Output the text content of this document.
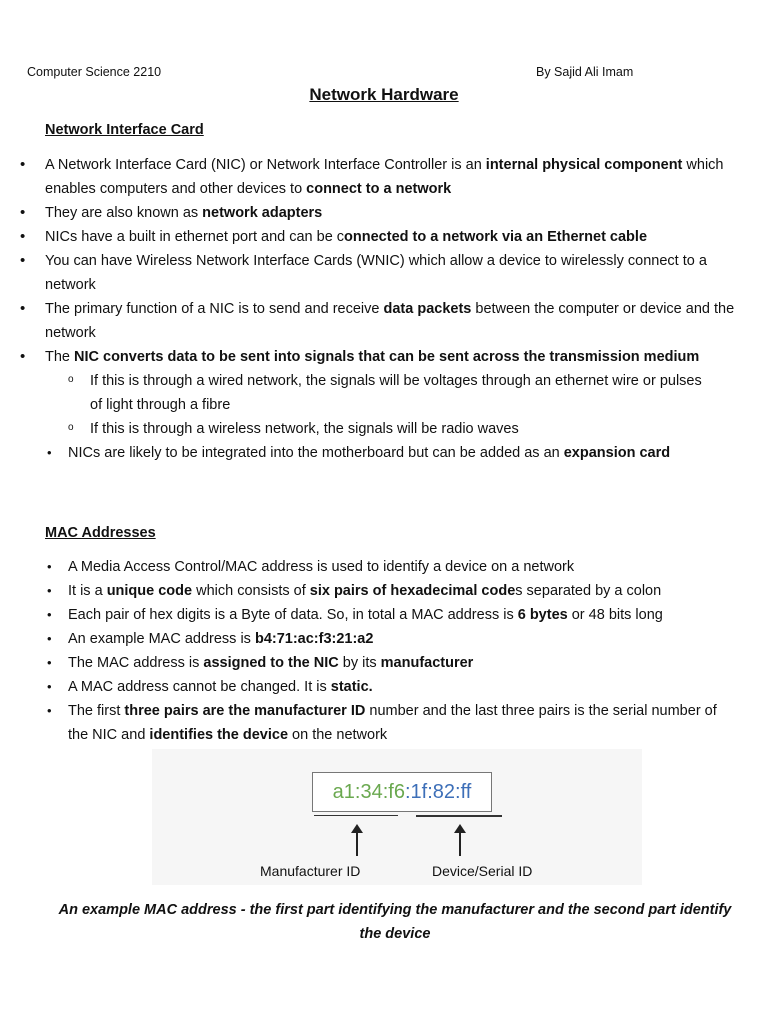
Computer Science 2210	By Sajid Ali Imam
Network Hardware
Network Interface Card
• A Network Interface Card (NIC) or Network Interface Controller is an internal physical component which enables computers and other devices to connect to a network
• They are also known as network adapters
• NICs have a built in ethernet port and can be connected to a network via an Ethernet cable
• You can have Wireless Network Interface Cards (WNIC) which allow a device to wirelessly connect to a network
• The primary function of a NIC is to send and receive data packets between the computer or device and the network
• The NIC converts data to be sent into signals that can be sent across the transmission medium
o If this is through a wired network, the signals will be voltages through an ethernet wire or pulses of light through a fibre
o If this is through a wireless network, the signals will be radio waves
• NICs are likely to be integrated into the motherboard but can be added as an expansion card
MAC Addresses
• A Media Access Control/MAC address is used to identify a device on a network
• It is a unique code which consists of six pairs of hexadecimal codes separated by a colon
• Each pair of hex digits is a Byte of data. So, in total a MAC address is 6 bytes or 48 bits long
• An example MAC address is b4:71:ac:f3:21:a2
• The MAC address is assigned to the NIC by its manufacturer
• A MAC address cannot be changed. It is static.
• The first three pairs are the manufacturer ID number and the last three pairs is the serial number of the NIC and identifies the device on the network
a1:34:f6:1f:82:ff
Manufacturer ID	Device/Serial ID
An example MAC address - the first part identifying the manufacturer and the second part identify the device
